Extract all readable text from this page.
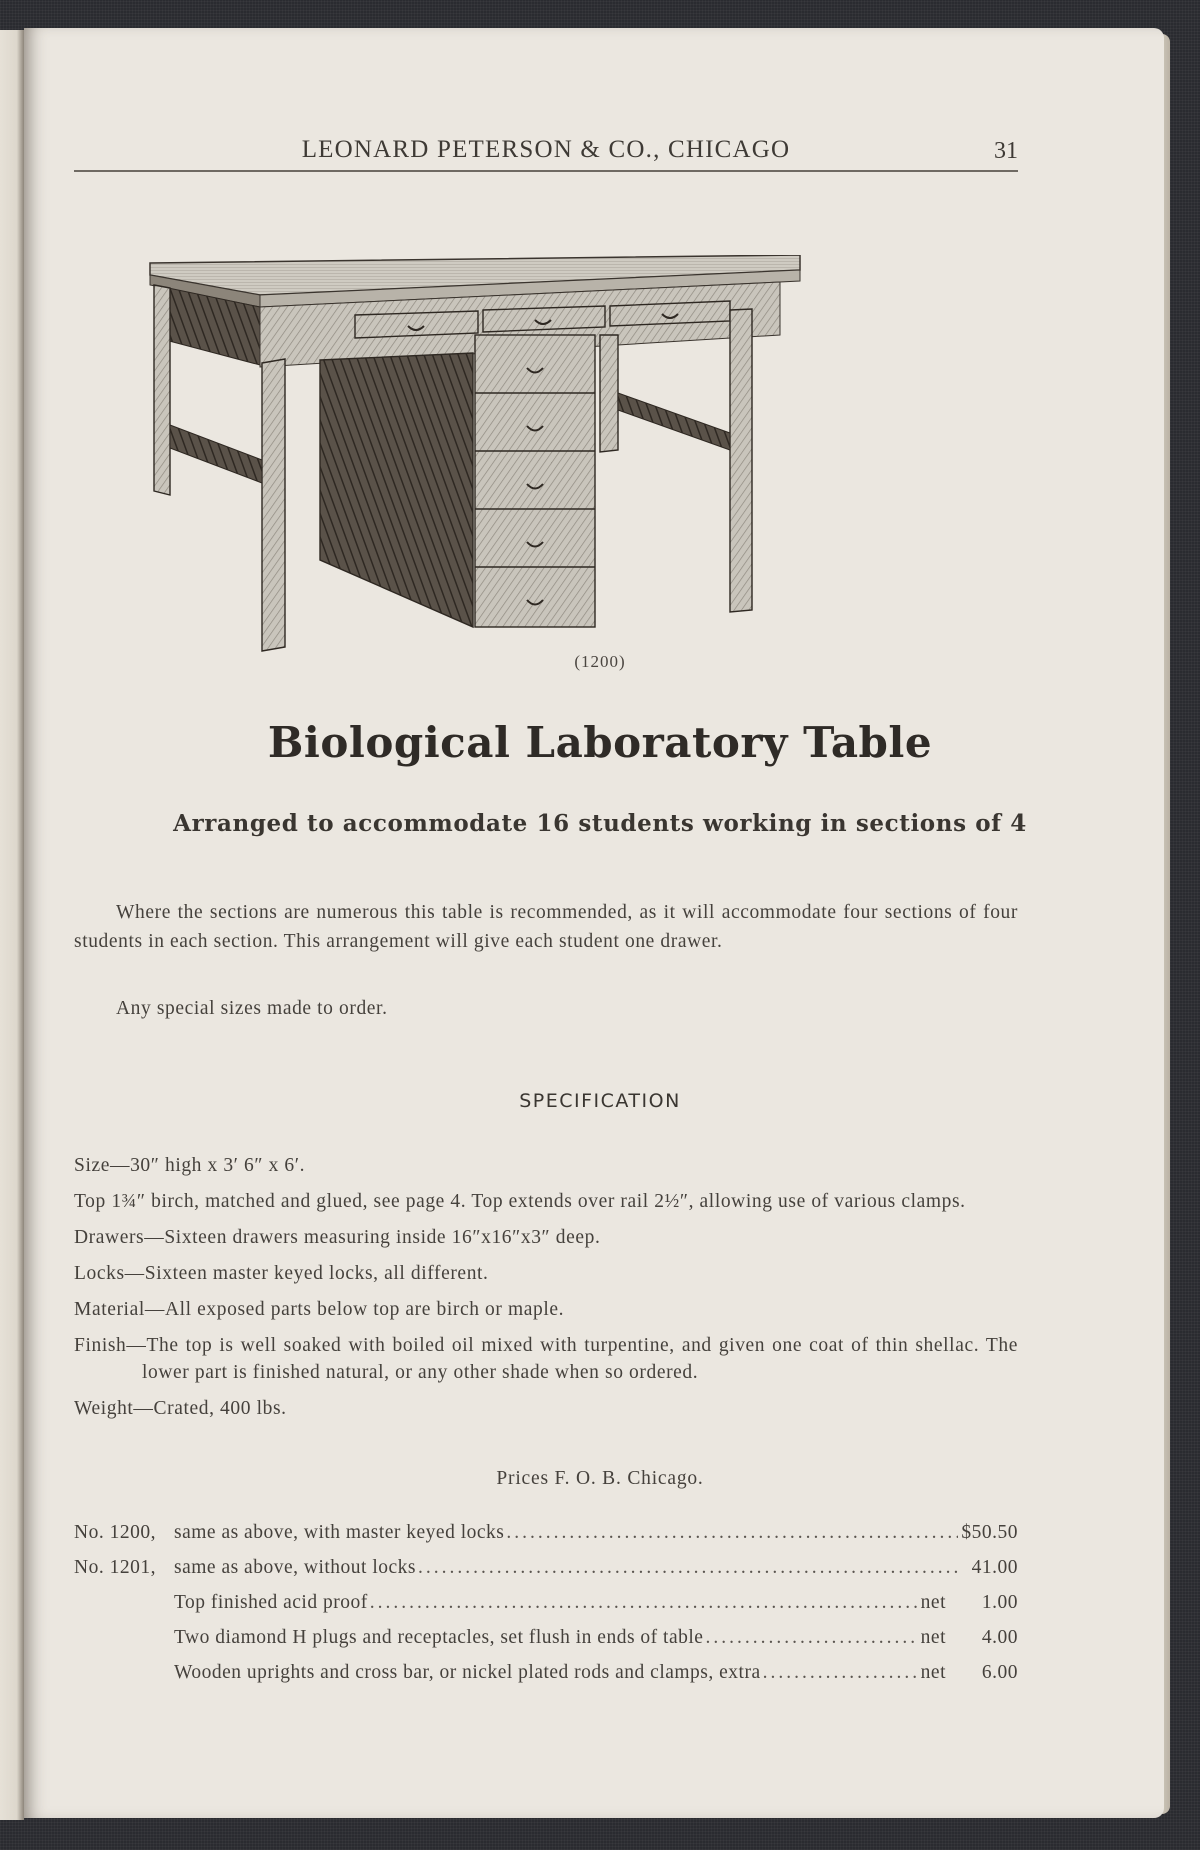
LEONARD PETERSON & CO., CHICAGO	31
(1200)
Biological Laboratory Table
Arranged to accommodate 16 students working in sections of 4
Where the sections are numerous this table is recommended, as it will accommodate four sections of four students in each section. This arrangement will give each student one drawer.
Any special sizes made to order.
SPECIFICATION
Size—30″ high x 3′ 6″ x 6′.
Top 1¾″ birch, matched and glued, see page 4. Top extends over rail 2½″, allowing use of various clamps.
Drawers—Sixteen drawers measuring inside 16″x16″x3″ deep.
Locks—Sixteen master keyed locks, all different.
Material—All exposed parts below top are birch or maple.
Finish—The top is well soaked with boiled oil mixed with turpentine, and given one coat of thin shellac. The lower part is finished natural, or any other shade when so ordered.
Weight—Crated, 400 lbs.
Prices F. O. B. Chicago.
No. 1200, same as above, with master keyed locks .....	$50.50
No. 1201, same as above, without locks .....	41.00
Top finished acid proof .....	net	1.00
Two diamond H plugs and receptacles, set flush in ends of table .....	net	4.00
Wooden uprights and cross bar, or nickel plated rods and clamps, extra .....	net	6.00
